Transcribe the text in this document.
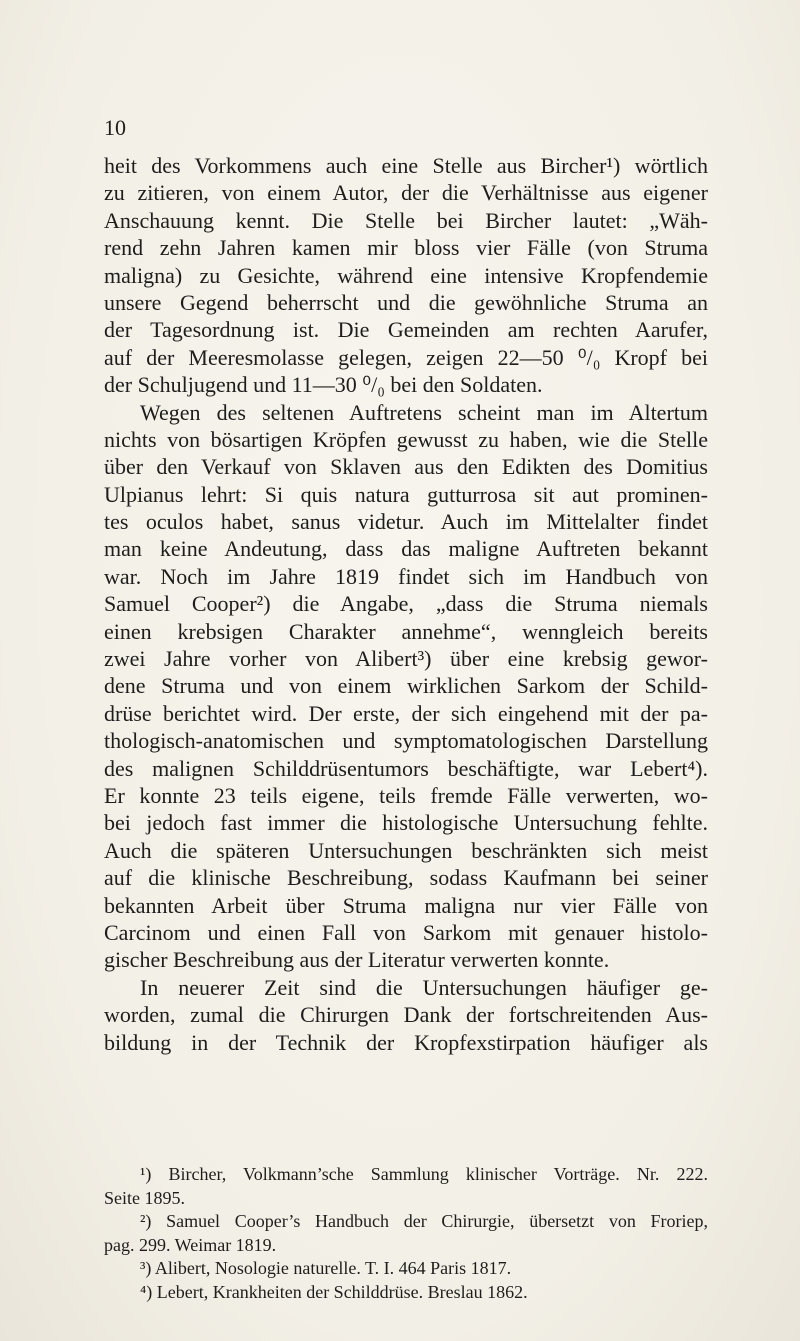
10
heit des Vorkommens auch eine Stelle aus Bircher¹) wörtlich
zu zitieren, von einem Autor, der die Verhältnisse aus eigener
Anschauung kennt. Die Stelle bei Bircher lautet: „Wäh-
rend zehn Jahren kamen mir bloss vier Fälle (von Struma
maligna) zu Gesichte, während eine intensive Kropfendemie
unsere Gegend beherrscht und die gewöhnliche Struma an
der Tagesordnung ist. Die Gemeinden am rechten Aarufer,
auf der Meeresmolasse gelegen, zeigen 22—50 ⁰/₀ Kropf bei
der Schuljugend und 11—30 ⁰/₀ bei den Soldaten.
Wegen des seltenen Auftretens scheint man im Altertum
nichts von bösartigen Kröpfen gewusst zu haben, wie die Stelle
über den Verkauf von Sklaven aus den Edikten des Domitius
Ulpianus lehrt: Si quis natura gutturrosa sit aut prominen-
tes oculos habet, sanus videtur. Auch im Mittelalter findet
man keine Andeutung, dass das maligne Auftreten bekannt
war. Noch im Jahre 1819 findet sich im Handbuch von
Samuel Cooper²) die Angabe, „dass die Struma niemals
einen krebsigen Charakter annehme“, wenngleich bereits
zwei Jahre vorher von Alibert³) über eine krebsig gewor-
dene Struma und von einem wirklichen Sarkom der Schild-
drüse berichtet wird. Der erste, der sich eingehend mit der pa-
thologisch-anatomischen und symptomatologischen Darstellung
des malignen Schilddrüsentumors beschäftigte, war Lebert⁴).
Er konnte 23 teils eigene, teils fremde Fälle verwerten, wo-
bei jedoch fast immer die histologische Untersuchung fehlte.
Auch die späteren Untersuchungen beschränkten sich meist
auf die klinische Beschreibung, sodass Kaufmann bei seiner
bekannten Arbeit über Struma maligna nur vier Fälle von
Carcinom und einen Fall von Sarkom mit genauer histolo-
gischer Beschreibung aus der Literatur verwerten konnte.
In neuerer Zeit sind die Untersuchungen häufiger ge-
worden, zumal die Chirurgen Dank der fortschreitenden Aus-
bildung in der Technik der Kropfexstirpation häufiger als
¹) Bircher, Volkmann’sche Sammlung klinischer Vorträge. Nr. 222.
Seite 1895.
²) Samuel Cooper’s Handbuch der Chirurgie, übersetzt von Froriep,
pag. 299. Weimar 1819.
³) Alibert, Nosologie naturelle. T. I. 464 Paris 1817.
⁴) Lebert, Krankheiten der Schilddrüse. Breslau 1862.
